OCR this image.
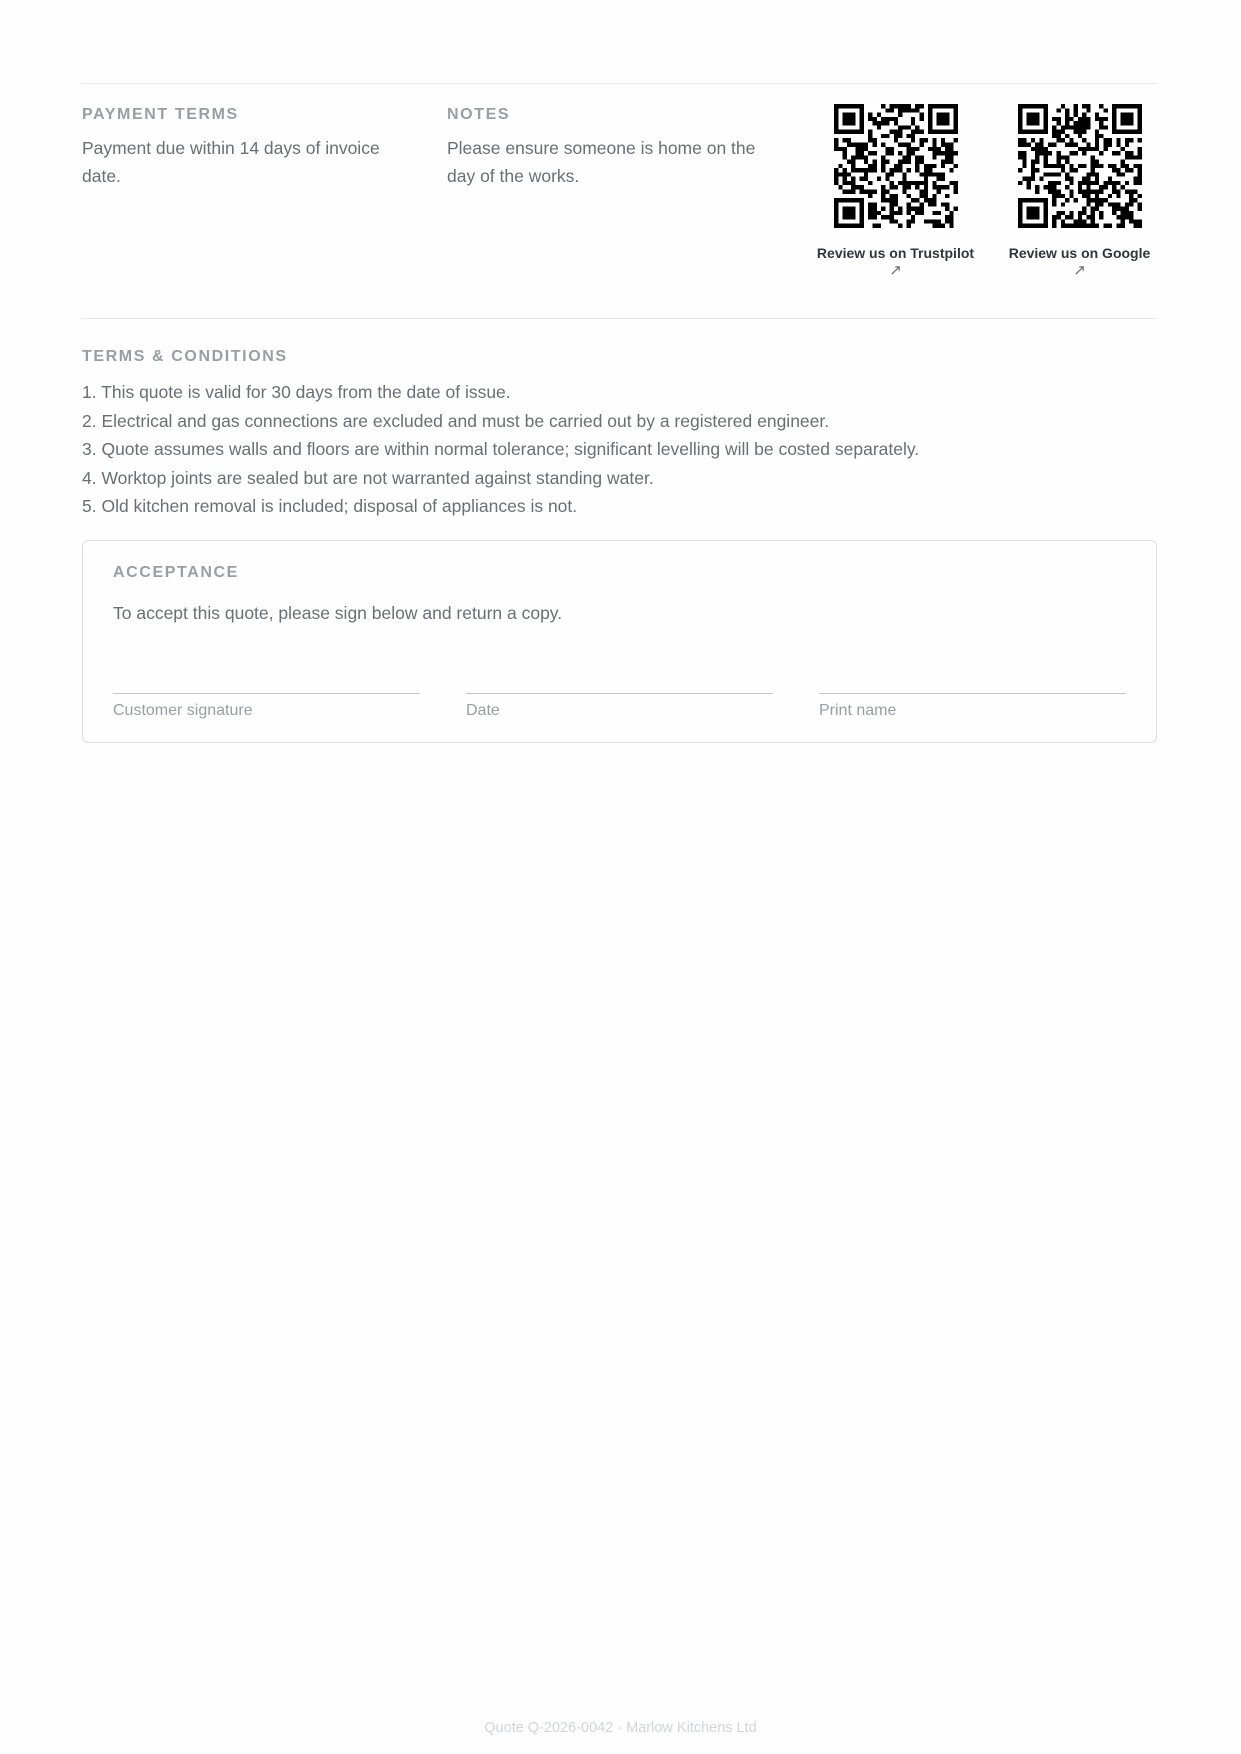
PAYMENT TERMS

Payment due within 14 days of invoice date.

NOTES

Please ensure someone is home on the day of the works.

Review us on Trustpilot
↗
Review us on Google
↗
TERMS & CONDITIONS
1. This quote is valid for 30 days from the date of issue.
2. Electrical and gas connections are excluded and must be carried out by a registered engineer.
3. Quote assumes walls and floors are within normal tolerance; significant levelling will be costed separately.
4. Worktop joints are sealed but are not warranted against standing water.
5. Old kitchen removal is included; disposal of appliances is not.
ACCEPTANCE

To accept this quote, please sign below and return a copy.

Customer signature	Date	Print name
Quote Q-2026-0042 · Marlow Kitchens Ltd
